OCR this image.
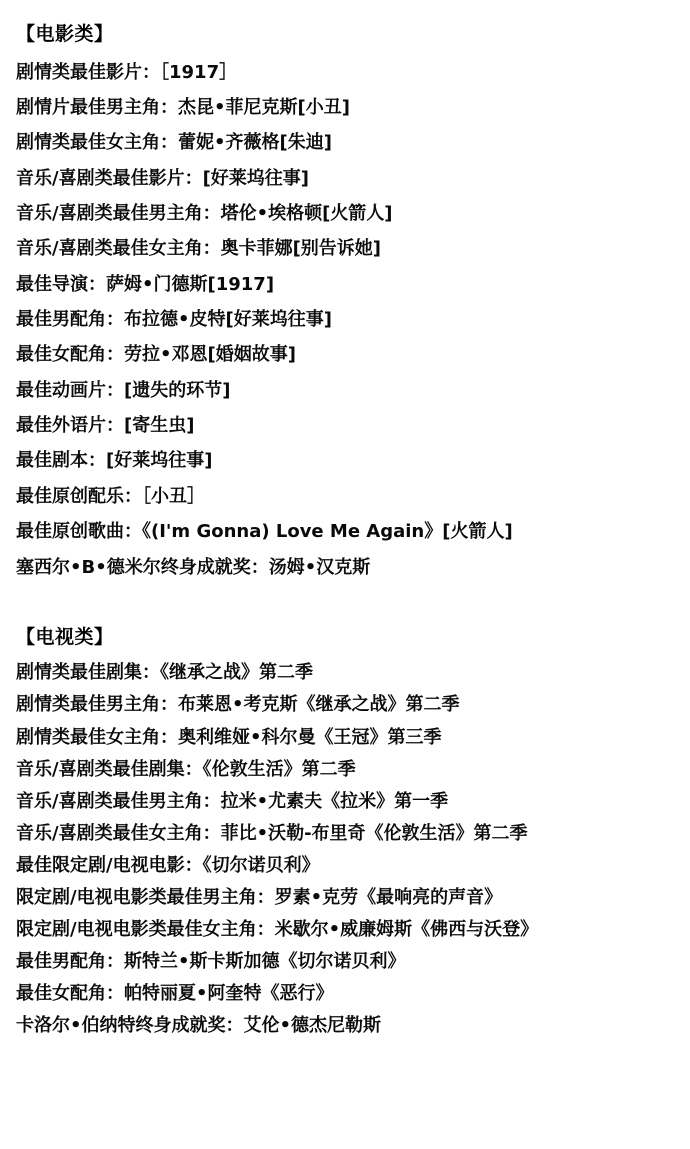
【电影类】
剧情类最佳影片：［1917］
剧情片最佳男主角：杰昆•菲尼克斯[小丑]
剧情类最佳女主角：蕾妮•齐薇格[朱迪]
音乐/喜剧类最佳影片：[好莱坞往事]
音乐/喜剧类最佳男主角：塔伦•埃格顿[火箭人]
音乐/喜剧类最佳女主角：奥卡菲娜[别告诉她]
最佳导演：萨姆•门德斯[1917]
最佳男配角：布拉德•皮特[好莱坞往事]
最佳女配角：劳拉•邓恩[婚姻故事]
最佳动画片：[遗失的环节]
最佳外语片：[寄生虫]
最佳剧本：[好莱坞往事]
最佳原创配乐：［小丑］
最佳原创歌曲：《(I'm Gonna) Love Me Again》[火箭人]
塞西尔•B•德米尔终身成就奖：汤姆•汉克斯
【电视类】
剧情类最佳剧集：《继承之战》第二季
剧情类最佳男主角：布莱恩•考克斯《继承之战》第二季
剧情类最佳女主角：奥利维娅•科尔曼《王冠》第三季
音乐/喜剧类最佳剧集：《伦敦生活》第二季
音乐/喜剧类最佳男主角：拉米•尤素夫《拉米》第一季
音乐/喜剧类最佳女主角：菲比•沃勒-布里奇《伦敦生活》第二季
最佳限定剧/电视电影：《切尔诺贝利》
限定剧/电视电影类最佳男主角：罗素•克劳《最响亮的声音》
限定剧/电视电影类最佳女主角：米歇尔•威廉姆斯《佛西与沃登》
最佳男配角：斯特兰•斯卡斯加德《切尔诺贝利》
最佳女配角：帕特丽夏•阿奎特《恶行》
卡洛尔•伯纳特终身成就奖：艾伦•德杰尼勒斯
